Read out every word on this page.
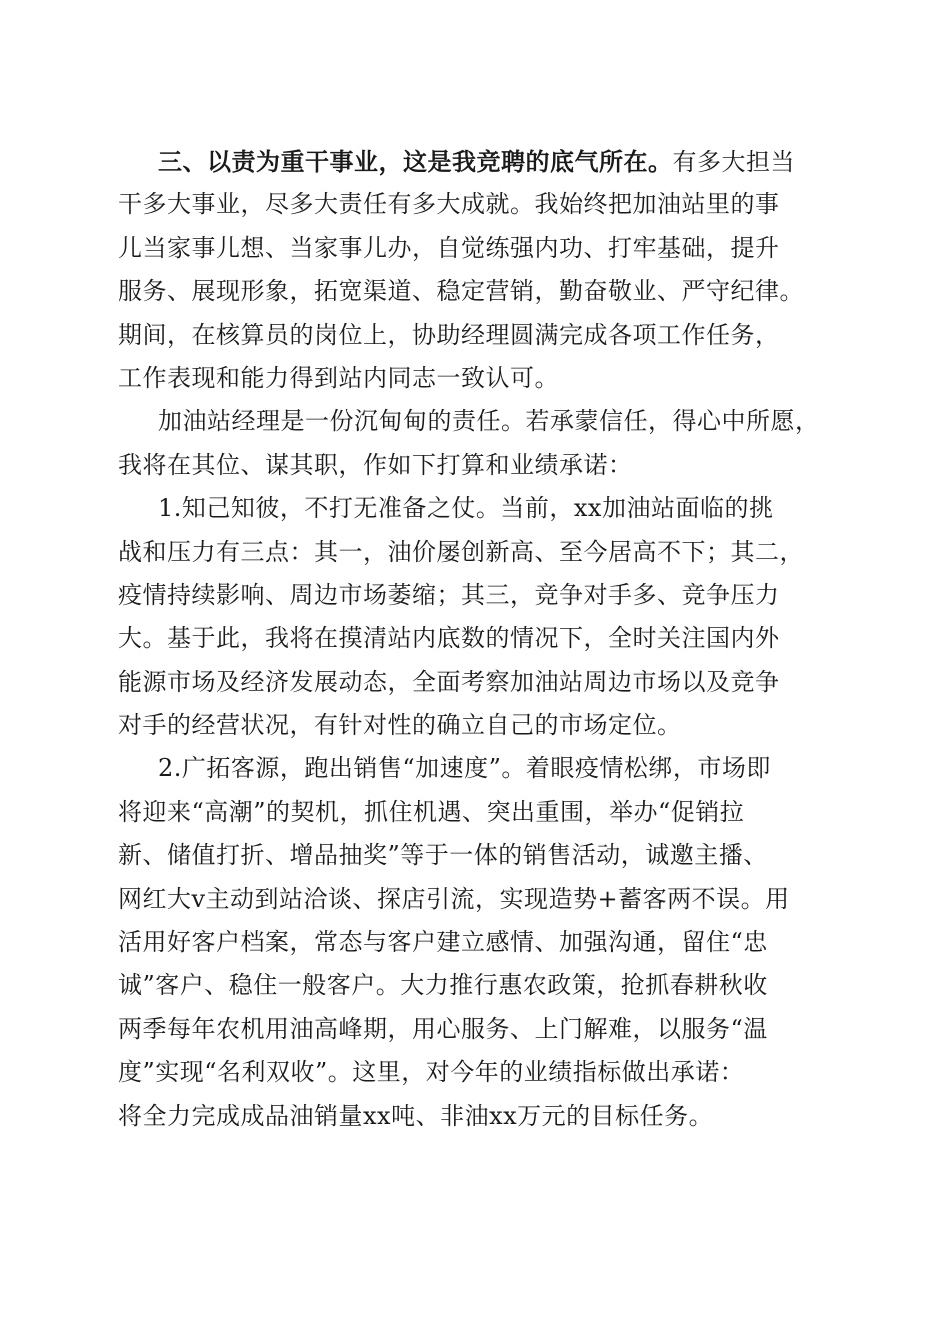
三、以责为重干事业，这是我竞聘的底气所在。有多大担当
干多大事业，尽多大责任有多大成就。我始终把加油站里的事
儿当家事儿想、当家事儿办，自觉练强内功、打牢基础，提升
服务、展现形象，拓宽渠道、稳定营销，勤奋敬业、严守纪律。
期间，在核算员的岗位上，协助经理圆满完成各项工作任务，
工作表现和能力得到站内同志一致认可。
加油站经理是一份沉甸甸的责任。若承蒙信任，得心中所愿，
我将在其位、谋其职，作如下打算和业绩承诺：
1.知己知彼，不打无准备之仗。当前，xx加油站面临的挑
战和压力有三点：其一，油价屡创新高、至今居高不下；其二，
疫情持续影响、周边市场萎缩；其三，竞争对手多、竞争压力
大。基于此，我将在摸清站内底数的情况下，全时关注国内外
能源市场及经济发展动态，全面考察加油站周边市场以及竞争
对手的经营状况，有针对性的确立自己的市场定位。
2.广拓客源，跑出销售“加速度”。着眼疫情松绑，市场即
将迎来“高潮”的契机，抓住机遇、突出重围，举办“促销拉
新、储值打折、增品抽奖”等于一体的销售活动，诚邀主播、
网红大v主动到站洽谈、探店引流，实现造势+蓄客两不误。用
活用好客户档案，常态与客户建立感情、加强沟通，留住“忠
诚”客户、稳住一般客户。大力推行惠农政策，抢抓春耕秋收
两季每年农机用油高峰期，用心服务、上门解难，以服务“温
度”实现“名利双收”。这里，对今年的业绩指标做出承诺：
将全力完成成品油销量xx吨、非油xx万元的目标任务。
